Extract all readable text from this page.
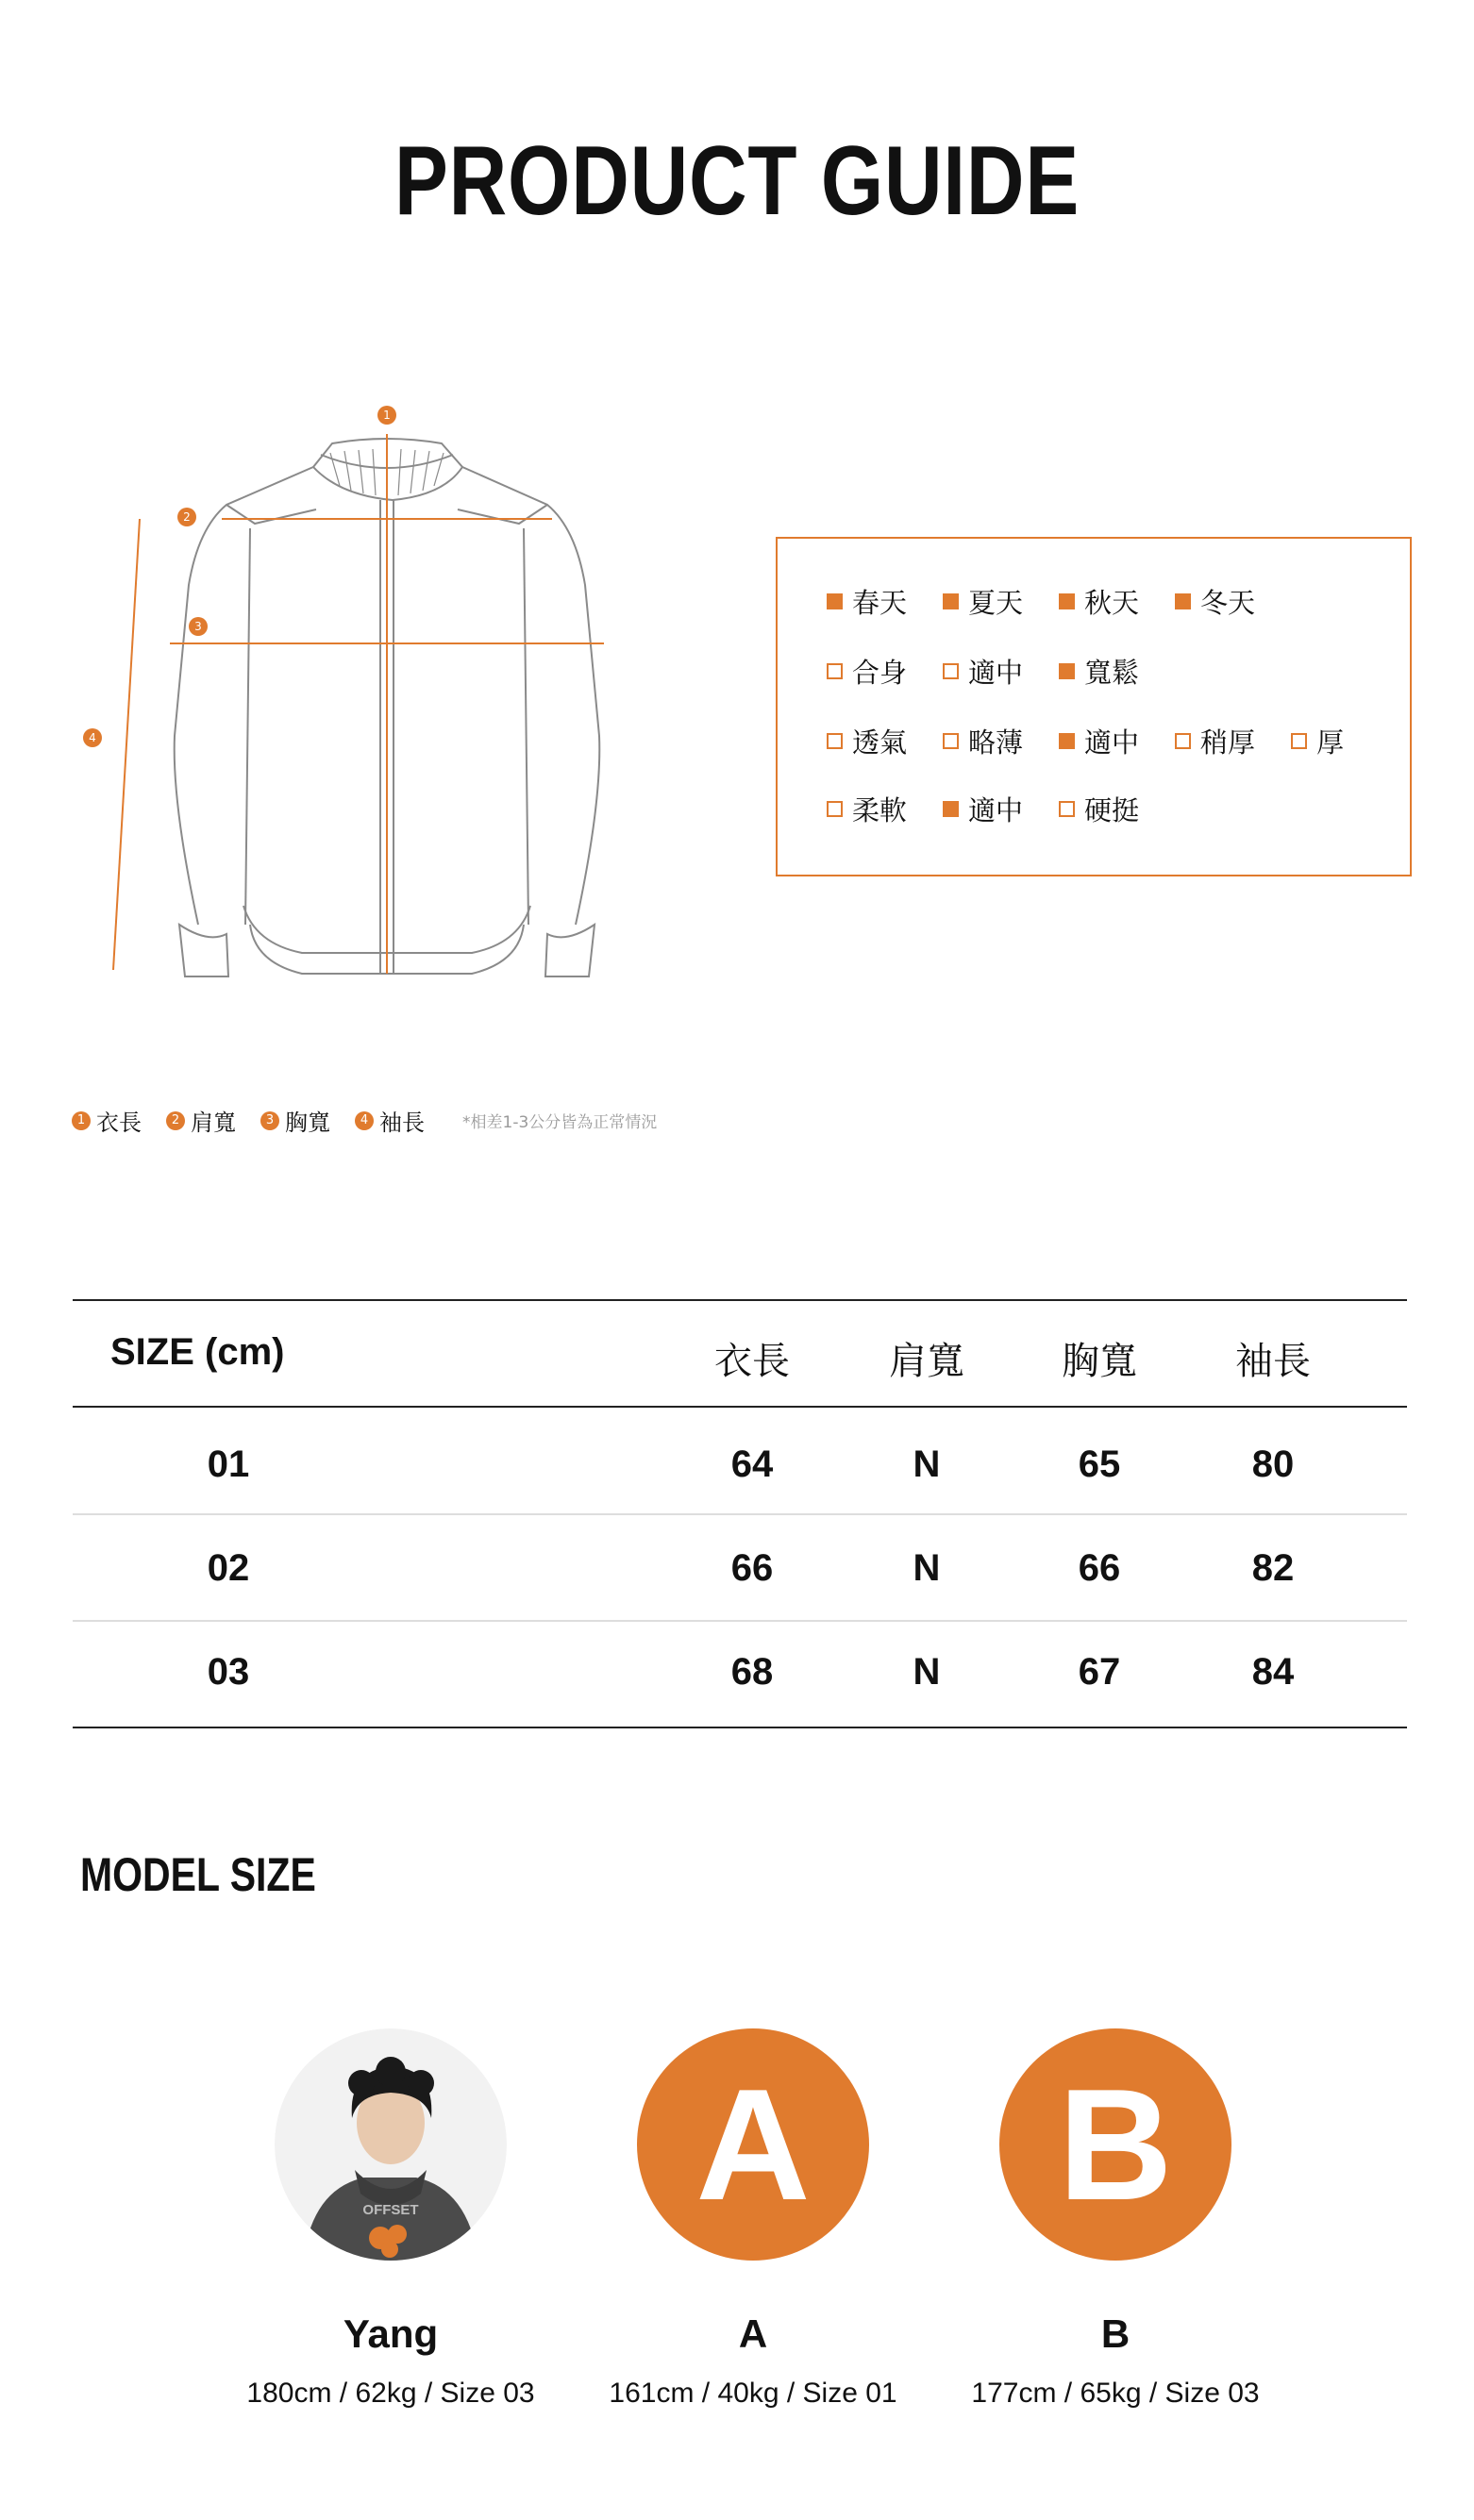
PRODUCT GUIDE
1
2
3
4
春天 夏天 秋天 冬天
合身 適中 寬鬆
透氣 略薄 適中 稍厚 厚
柔軟 適中 硬挺
1 衣長	2 肩寬	3 胸寬	4 袖長 *相差1-3公分皆為正常情況
SIZE (cm)	衣長	肩寬	胸寬	袖長
01	64	N	65	80
02	66	N	66	82
03	68	N	67	84
MODEL SIZE
OFFSET
Yang
180cm / 62kg / Size 03
A
A
161cm / 40kg / Size 01
B
B
177cm / 65kg / Size 03
